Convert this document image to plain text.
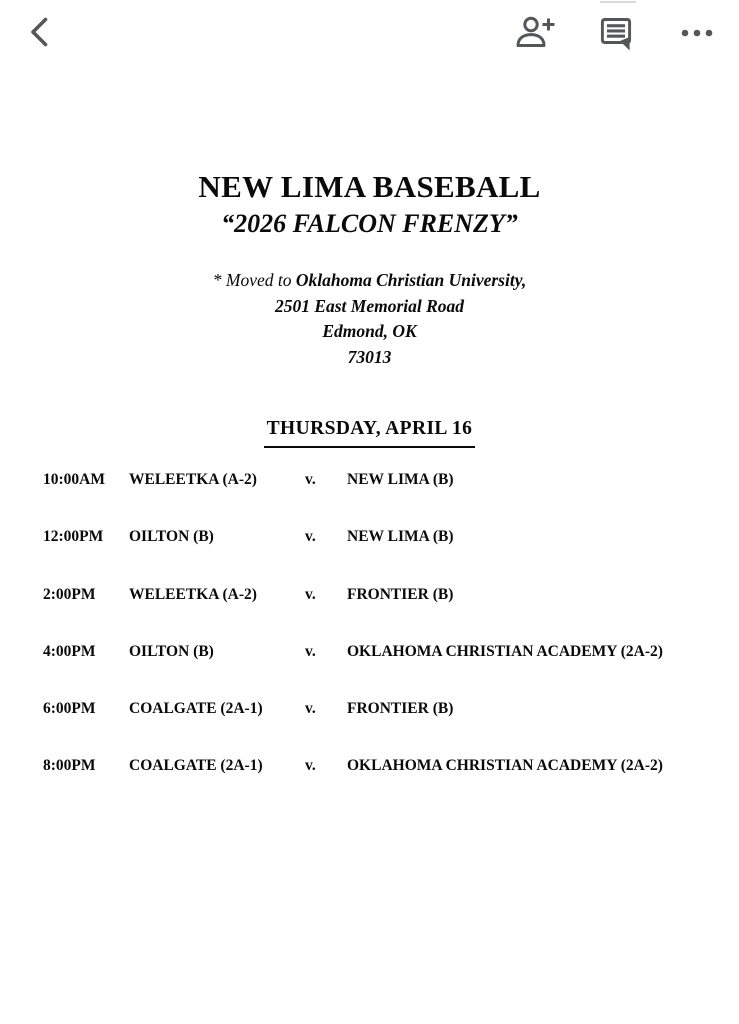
NEW LIMA BASEBALL
“2026 FALCON FRENZY”
* Moved to Oklahoma Christian University,
2501 East Memorial Road
Edmond, OK
73013
THURSDAY, APRIL 16
10:00AM	WELEETKA (A-2)	v.	NEW LIMA (B)
12:00PM	OILTON (B)	v.	NEW LIMA (B)
2:00PM	WELEETKA (A-2)	v.	FRONTIER (B)
4:00PM	OILTON (B)	v.	OKLAHOMA CHRISTIAN ACADEMY (2A-2)
6:00PM	COALGATE (2A-1)	v.	FRONTIER (B)
8:00PM	COALGATE (2A-1)	v.	OKLAHOMA CHRISTIAN ACADEMY (2A-2)
